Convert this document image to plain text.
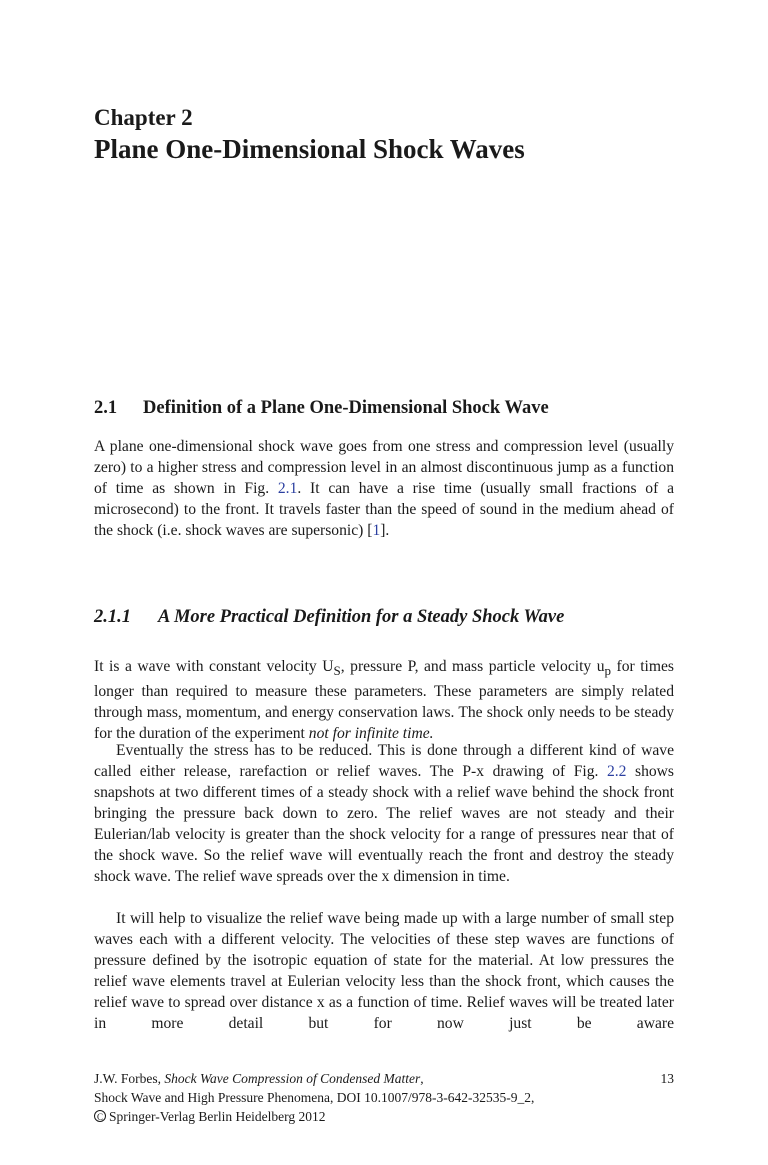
Chapter 2
Plane One-Dimensional Shock Waves
2.1 Definition of a Plane One-Dimensional Shock Wave

A plane one-dimensional shock wave goes from one stress and compression level (usually zero) to a higher stress and compression level in an almost discontinuous jump as a function of time as shown in Fig. 2.1. It can have a rise time (usually small fractions of a microsecond) to the front. It travels faster than the speed of sound in the medium ahead of the shock (i.e. shock waves are supersonic) [1].

2.1.1 A More Practical Definition for a Steady Shock Wave

It is a wave with constant velocity $U_S$, pressure P, and mass particle velocity $u_p$ for times longer than required to measure these parameters. These parameters are simply related through mass, momentum, and energy conservation laws. The shock only needs to be steady for the duration of the experiment not for infinite time.

Eventually the stress has to be reduced. This is done through a different kind of wave called either release, rarefaction or relief waves. The P-x drawing of Fig. 2.2 shows snapshots at two different times of a steady shock with a relief wave behind the shock front bringing the pressure back down to zero. The relief waves are not steady and their Eulerian/lab velocity is greater than the shock velocity for a range of pressures near that of the shock wave. So the relief wave will eventually reach the front and destroy the steady shock wave. The relief wave spreads over the x dimension in time.

It will help to visualize the relief wave being made up with a large number of small step waves each with a different velocity. The velocities of these step waves are functions of pressure defined by the isotropic equation of state for the material. At low pressures the relief wave elements travel at Eulerian velocity less than the shock front, which causes the relief wave to spread over distance x as a function of time. Relief waves will be treated later in more detail but for now just be aware

J.W. Forbes, Shock Wave Compression of Condensed Matter,
Shock Wave and High Pressure Phenomena, DOI 10.1007/978-3-642-32535-9_2,
C Springer-Verlag Berlin Heidelberg 2012
13
